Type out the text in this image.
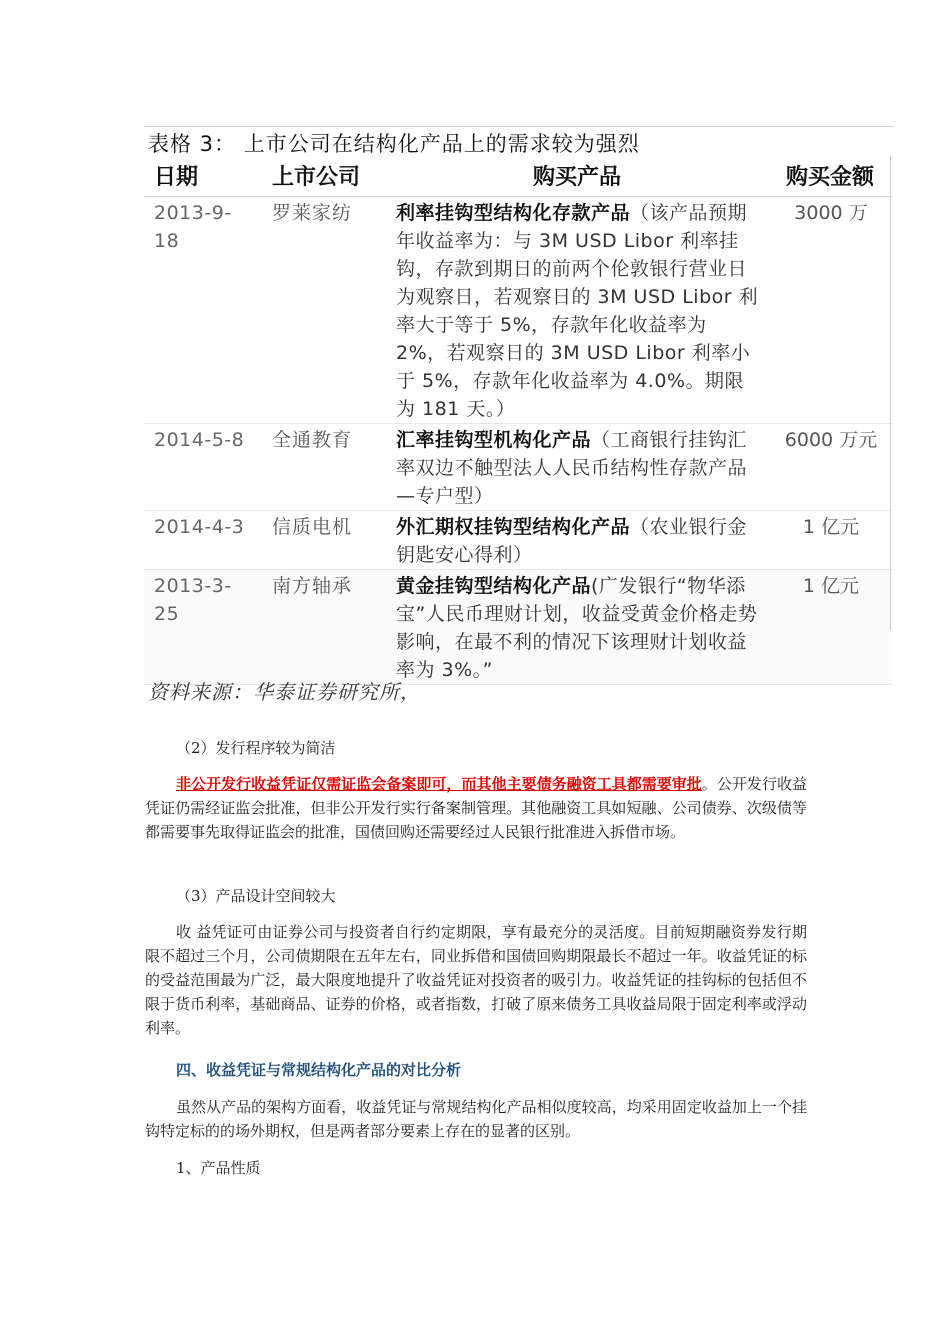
表格 3： 上市公司在结构化产品上的需求较为强烈
日期	上市公司	购买产品	购买金额
2013-9-18	罗莱家纺	利率挂钩型结构化存款产品（该产品预期年收益率为：与 3M USD Libor 利率挂钩，存款到期日的前两个伦敦银行营业日为观察日，若观察日的 3M USD Libor 利率大于等于 5%，存款年化收益率为 2%，若观察日的 3M USD Libor 利率小于 5%，存款年化收益率为 4.0%。期限为 181 天。）	3000 万
2014-5-8	全通教育	汇率挂钩型机构化产品（工商银行挂钩汇率双边不触型法人人民币结构性存款产品—专户型）	6000 万元
2014-4-3	信质电机	外汇期权挂钩型结构化产品（农业银行金钥匙安心得利）	1 亿元
2013-3-25	南方轴承	黄金挂钩型结构化产品(广发银行“物华添宝”人民币理财计划，收益受黄金价格走势影响，在最不利的情况下该理财计划收益率为 3%。”	1 亿元
资料来源：华泰证券研究所，

（2）发行程序较为简洁

非公开发行收益凭证仅需证监会备案即可，而其他主要债务融资工具都需要审批。公开发行收益凭证仍需经证监会批准，但非公开发行实行备案制管理。其他融资工具如短融、公司债券、次级债等都需要事先取得证监会的批准，国债回购还需要经过人民银行批准进入拆借市场。

（3）产品设计空间较大

收 益凭证可由证券公司与投资者自行约定期限，享有最充分的灵活度。目前短期融资券发行期限不超过三个月，公司债期限在五年左右，同业拆借和国债回购期限最长不超过一年。收益凭证的标的受益范围最为广泛，最大限度地提升了收益凭证对投资者的吸引力。收益凭证的挂钩标的包括但不限于货币利率，基础商品、证券的价格，或者指数，打破了原来债务工具收益局限于固定利率或浮动利率。

四、收益凭证与常规结构化产品的对比分析

虽然从产品的架构方面看，收益凭证与常规结构化产品相似度较高，均采用固定收益加上一个挂钩特定标的的场外期权，但是两者部分要素上存在的显著的区别。

1、产品性质
